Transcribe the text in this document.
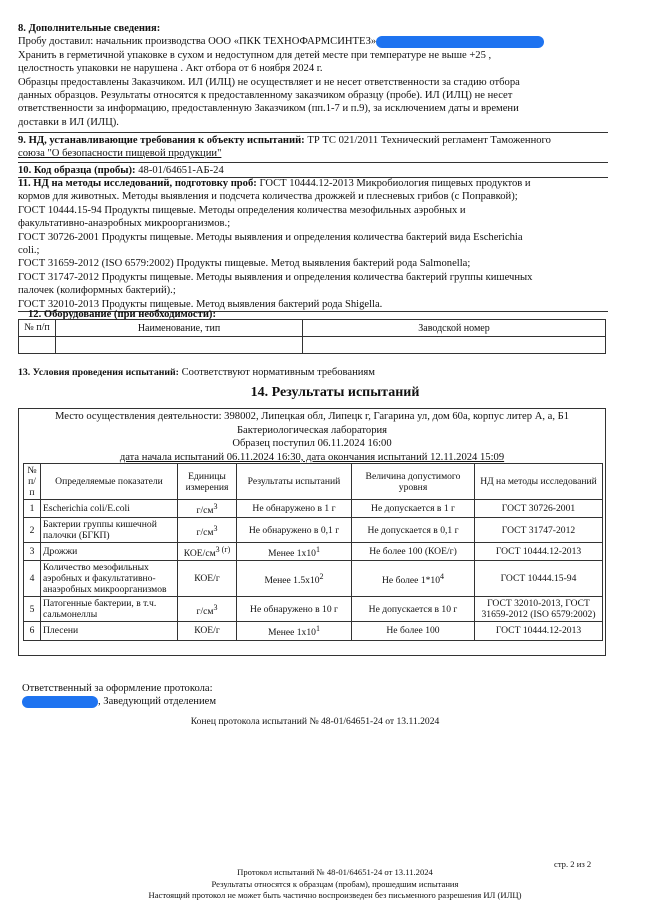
8. Дополнительные сведения:
Пробу доставил: начальник производства ООО «ПКК ТЕХНОФАРМСИНТЕЗ»
Хранить в герметичной упаковке в сухом и недоступном для детей месте при температуре не выше +25 ,
целостность упаковки не нарушена . Акт отбора от 6 ноября 2024 г.
Образцы предоставлены Заказчиком. ИЛ (ИЛЦ) не осуществляет и не несет ответственности за стадию отбора
данных образцов. Результаты относятся к предоставленному заказчиком образцу (пробе). ИЛ (ИЛЦ) не несет
ответственности за информацию, предоставленную Заказчиком (пп.1-7 и п.9), за исключением даты и времени
доставки в ИЛ (ИЛЦ).
9. НД, устанавливающие требования к объекту испытаний: ТР ТС 021/2011 Технический регламент Таможенного
союза "О безопасности пищевой продукции"
10. Код образца (пробы): 48-01/64651-АБ-24
11. НД на методы исследований, подготовку проб: ГОСТ 10444.12-2013 Микробиология пищевых продуктов и
кормов для животных. Методы выявления и подсчета количества дрожжей и плесневых грибов (с Поправкой);
ГОСТ 10444.15-94 Продукты пищевые. Методы определения количества мезофильных аэробных и
факультативно-анаэробных микроорганизмов.;
ГОСТ 30726-2001 Продукты пищевые. Методы выявления и определения количества бактерий вида Escherichia
coli.;
ГОСТ 31659-2012 (ISO 6579:2002) Продукты пищевые. Метод выявления бактерий рода Salmonella;
ГОСТ 31747-2012 Продукты пищевые. Методы выявления и определения количества бактерий группы кишечных
палочек (колиформных бактерий).;
ГОСТ 32010-2013 Продукты пищевые. Метод выявления бактерий рода Shigella.
12. Оборудование (при необходимости):
№ п/п	Наименование, тип	Заводской номер

13. Условия проведения испытаний: Соответствуют нормативным требованиям
14. Результаты испытаний
Место осуществления деятельности: 398002, Липецкая обл, Липецк г, Гагарина ул, дом 60а, корпус литер А, а, Б1
Бактериологическая лаборатория
Образец поступил 06.11.2024 16:00
дата начала испытаний 06.11.2024 16:30, дата окончания испытаний 12.11.2024 15:09
№ п/п	Определяемые показатели	Единицы измерения	Результаты испытаний	Величина допустимого уровня	НД на методы исследований
1	Escherichia coli/E.coli	$г/см^3$	Не обнаружено в 1 г	Не допускается в 1 г	ГОСТ 30726-2001
2	Бактерии группы кишечной палочки (БГКП)	$г/см^3$	Не обнаружено в 0,1 г	Не допускается в 0,1 г	ГОСТ 31747-2012
3	Дрожжи	КОЕ/$см^{3 (г)}$	Менее $1х10^1$	Не более 100 (КОЕ/г)	ГОСТ 10444.12-2013
4	Количество мезофильных аэробных и факультативно-анаэробных микроорганизмов	КОЕ/г	Менее $1.5х10^2$	Не более $1*10^4$	ГОСТ 10444.15-94
5	Патогенные бактерии, в т.ч. сальмонеллы	$г/см^3$	Не обнаружено в 10 г	Не допускается в 10 г	ГОСТ 32010-2013, ГОСТ 31659-2012 (ISO 6579:2002)
6	Плесени	КОЕ/г	Менее $1х10^1$	Не более 100	ГОСТ 10444.12-2013
Ответственный за оформление протокола:
, Заведующий отделением
Конец протокола испытаний № 48-01/64651-24 от 13.11.2024
стр. 2 из 2
Протокол испытаний № 48-01/64651-24 от 13.11.2024
Результаты относятся к образцам (пробам), прошедшим испытания
Настоящий протокол не может быть частично воспроизведен без письменного разрешения ИЛ (ИЛЦ)
